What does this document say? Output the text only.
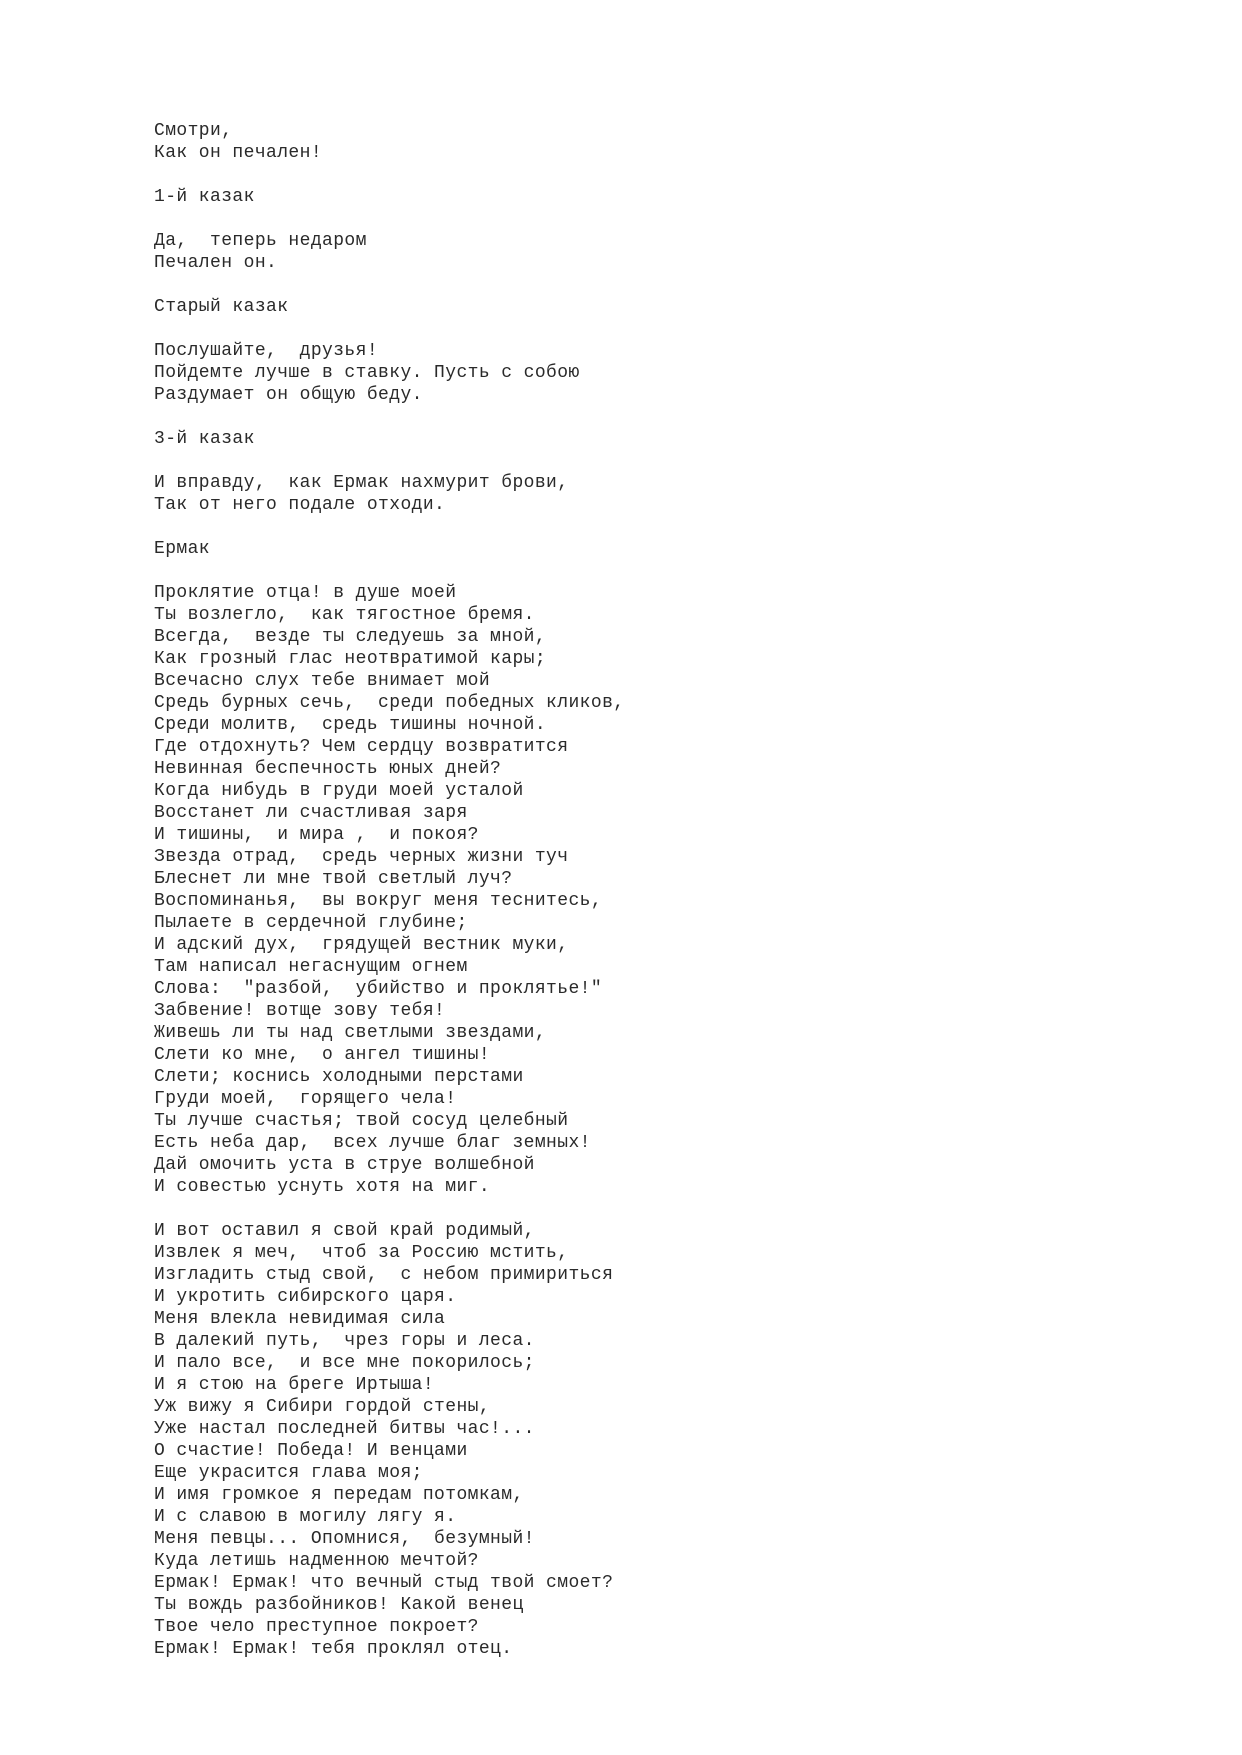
Смотри,
Как он печален!
1-й казак
Да,  теперь недаром
Печален он.
Старый казак
Послушайте,  друзья!
Пойдемте лучше в ставку. Пусть с собою
Раздумает он общую беду.
3-й казак
И вправду,  как Ермак нахмурит брови,
Так от него подале отходи.
Ермак
Проклятие отца! в душе моей
Ты возлегло,  как тягостное бремя.
Всегда,  везде ты следуешь за мной,
Как грозный глас неотвратимой кары;
Всечасно слух тебе внимает мой
Средь бурных сечь,  среди победных кликов,
Среди молитв,  средь тишины ночной.
Где отдохнуть? Чем сердцу возвратится
Невинная беспечность юных дней?
Когда нибудь в груди моей усталой
Восстанет ли счастливая заря
И тишины,  и мира ,  и покоя?
Звезда отрад,  средь черных жизни туч
Блеснет ли мне твой светлый луч?
Воспоминанья,  вы вокруг меня теснитесь,
Пылаете в сердечной глубине;
И адский дух,  грядущей вестник муки,
Там написал негаснущим огнем
Слова:  "разбой,  убийство и проклятье!"
Забвение! вотще зову тебя!
Живешь ли ты над светлыми звездами,
Слети ко мне,  о ангел тишины!
Слети; коснись холодными перстами
Груди моей,  горящего чела!
Ты лучше счастья; твой сосуд целебный
Есть неба дар,  всех лучше благ земных!
Дай омочить уста в струе волшебной
И совестью уснуть хотя на миг.
И вот оставил я свой край родимый,
Извлек я меч,  чтоб за Россию мстить,
Изгладить стыд свой,  с небом примириться
И укротить сибирского царя.
Меня влекла невидимая сила
В далекий путь,  чрез горы и леса.
И пало все,  и все мне покорилось;
И я стою на бреге Иртыша!
Уж вижу я Сибири гордой стены,
Уже настал последней битвы час!...
О счастие! Победа! И венцами
Еще украсится глава моя;
И имя громкое я передам потомкам,
И с славою в могилу лягу я.
Меня певцы... Опомнися,  безумный!
Куда летишь надменною мечтой?
Ермак! Ермак! что вечный стыд твой смоет?
Ты вождь разбойников! Какой венец
Твое чело преступное покроет?
Ермак! Ермак! тебя проклял отец.
